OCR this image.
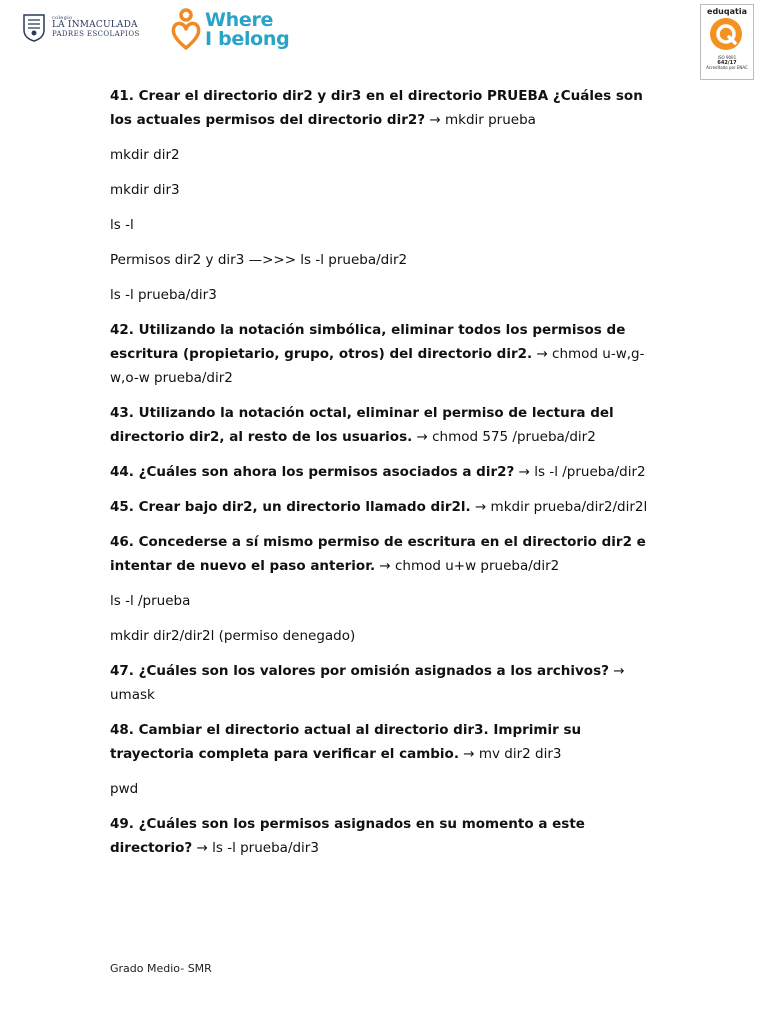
colegio
LA INMACULADA
PADRES ESCOLAPIOS
Where
I belong
eduqatia
ISO 9001
642/17
Acreditado por ENAC

41. Crear el directorio dir2 y dir3 en el directorio PRUEBA ¿Cuáles son los actuales permisos del directorio dir2? → mkdir prueba

mkdir dir2

mkdir dir3

ls -l

Permisos dir2 y dir3 —>>> ls -l prueba/dir2

ls -l prueba/dir3

42. Utilizando la notación simbólica, eliminar todos los permisos de escritura (propietario, grupo, otros) del directorio dir2. → chmod u-w,g-w,o-w prueba/dir2

43. Utilizando la notación octal, eliminar el permiso de lectura del directorio dir2, al resto de los usuarios. → chmod 575 /prueba/dir2

44. ¿Cuáles son ahora los permisos asociados a dir2? → ls -l /prueba/dir2

45. Crear bajo dir2, un directorio llamado dir2l. → mkdir prueba/dir2/dir2l

46. Concederse a sí mismo permiso de escritura en el directorio dir2 e intentar de nuevo el paso anterior. → chmod u+w prueba/dir2

ls -l /prueba

mkdir dir2/dir2l (permiso denegado)

47. ¿Cuáles son los valores por omisión asignados a los archivos? → umask

48. Cambiar el directorio actual al directorio dir3. Imprimir su trayectoria completa para verificar el cambio. → mv dir2 dir3

pwd

49. ¿Cuáles son los permisos asignados en su momento a este directorio? → ls -l prueba/dir3

Grado Medio- SMR
